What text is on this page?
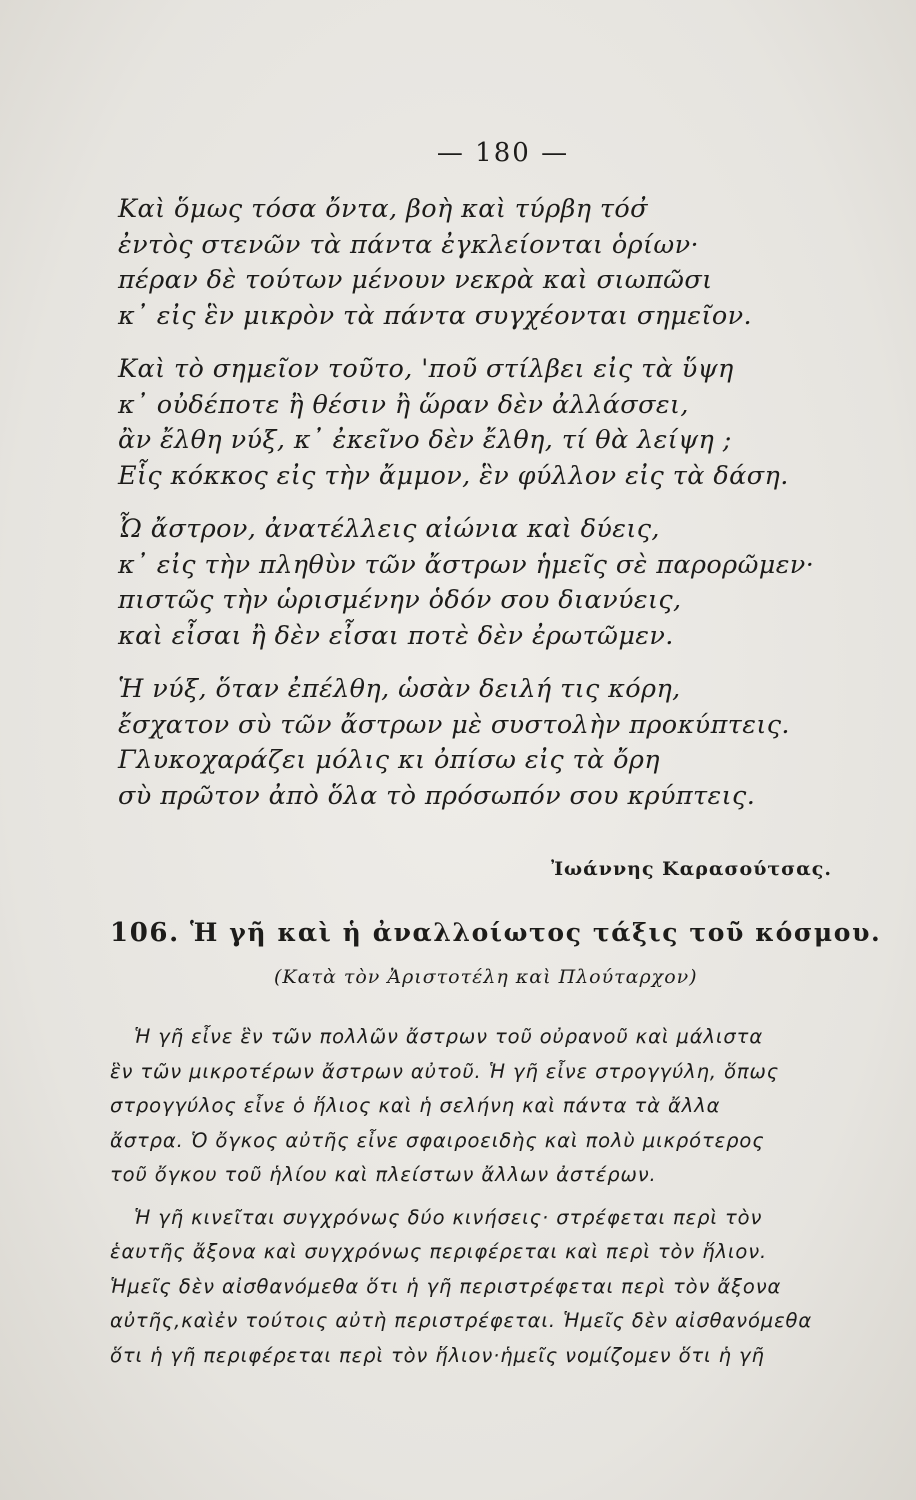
— 180 —
Καὶ ὅμως τόσα ὄντα, βοὴ καὶ τύρβη τόσ̓
ἐντὸς στενῶν τὰ πάντα ἐγκλείονται ὁρίων·
πέραν δὲ τούτων μένουν νεκρὰ καὶ σιωπῶσι
κ᾽ εἰς ἓν μικρὸν τὰ πάντα συγχέονται σημεῖον.
Καὶ τὸ σημεῖον τοῦτο, 'ποῦ στίλβει εἰς τὰ ὕψη
κ᾽ οὐδέποτε ἢ θέσιν ἢ ὥραν δὲν ἀλλάσσει,
ἂν ἔλθη νύξ, κ᾽ ἐκεῖνο δὲν ἔλθη, τί θὰ λείψη ;
Εἷς κόκκος εἰς τὴν ἄμμον, ἓν φύλλον εἰς τὰ δάση.
Ὦ ἄστρον, ἀνατέλλεις αἰώνια καὶ δύεις,
κ᾽ εἰς τὴν πληθὺν τῶν ἄστρων ἡμεῖς σὲ παρορῶμεν·
πιστῶς τὴν ὡρισμένην ὁδόν σου διανύεις,
καὶ εἶσαι ἢ δὲν εἶσαι ποτὲ δὲν ἐρωτῶμεν.
Ἡ νύξ, ὅταν ἐπέλθη, ὡσὰν δειλή τις κόρη,
ἔσχατον σὺ τῶν ἄστρων μὲ συστολὴν προκύπτεις.
Γλυκοχαράζει μόλις κι ὀπίσω εἰς τὰ ὄρη
σὺ πρῶτον ἀπὸ ὅλα τὸ πρόσωπόν σου κρύπτεις.
Ἰωάννης Καρασούτσας.
106. Ἡ γῆ καὶ ἡ ἀναλλοίωτος τάξις τοῦ κόσμου.
(Κατὰ τὸν Ἀριστοτέλη καὶ Πλούταρχον)
Ἡ γῆ εἶνε ἓν τῶν πολλῶν ἄστρων τοῦ οὐρανοῦ καὶ μάλιστα
ἓν τῶν μικροτέρων ἄστρων αὐτοῦ. Ἡ γῆ εἶνε στρογγύλη, ὅπως
στρογγύλος εἶνε ὁ ἥλιος καὶ ἡ σελήνη καὶ πάντα τὰ ἄλλα
ἄστρα. Ὁ ὄγκος αὐτῆς εἶνε σφαιροειδὴς καὶ πολὺ μικρότερος
τοῦ ὄγκου τοῦ ἡλίου καὶ πλείστων ἄλλων ἀστέρων.
Ἡ γῆ κινεῖται συγχρόνως δύο κινήσεις· στρέφεται περὶ τὸν
ἑαυτῆς ἄξονα καὶ συγχρόνως περιφέρεται καὶ περὶ τὸν ἥλιον.
Ἡμεῖς δὲν αἰσθανόμεθα ὅτι ἡ γῆ περιστρέφεται περὶ τὸν ἄξονα
αὐτῆς,καὶἐν τούτοις αὐτὴ περιστρέφεται. Ἡμεῖς δὲν αἰσθανόμεθα
ὅτι ἡ γῆ περιφέρεται περὶ τὸν ἥλιον·ἡμεῖς νομίζομεν ὅτι ἡ γῆ
